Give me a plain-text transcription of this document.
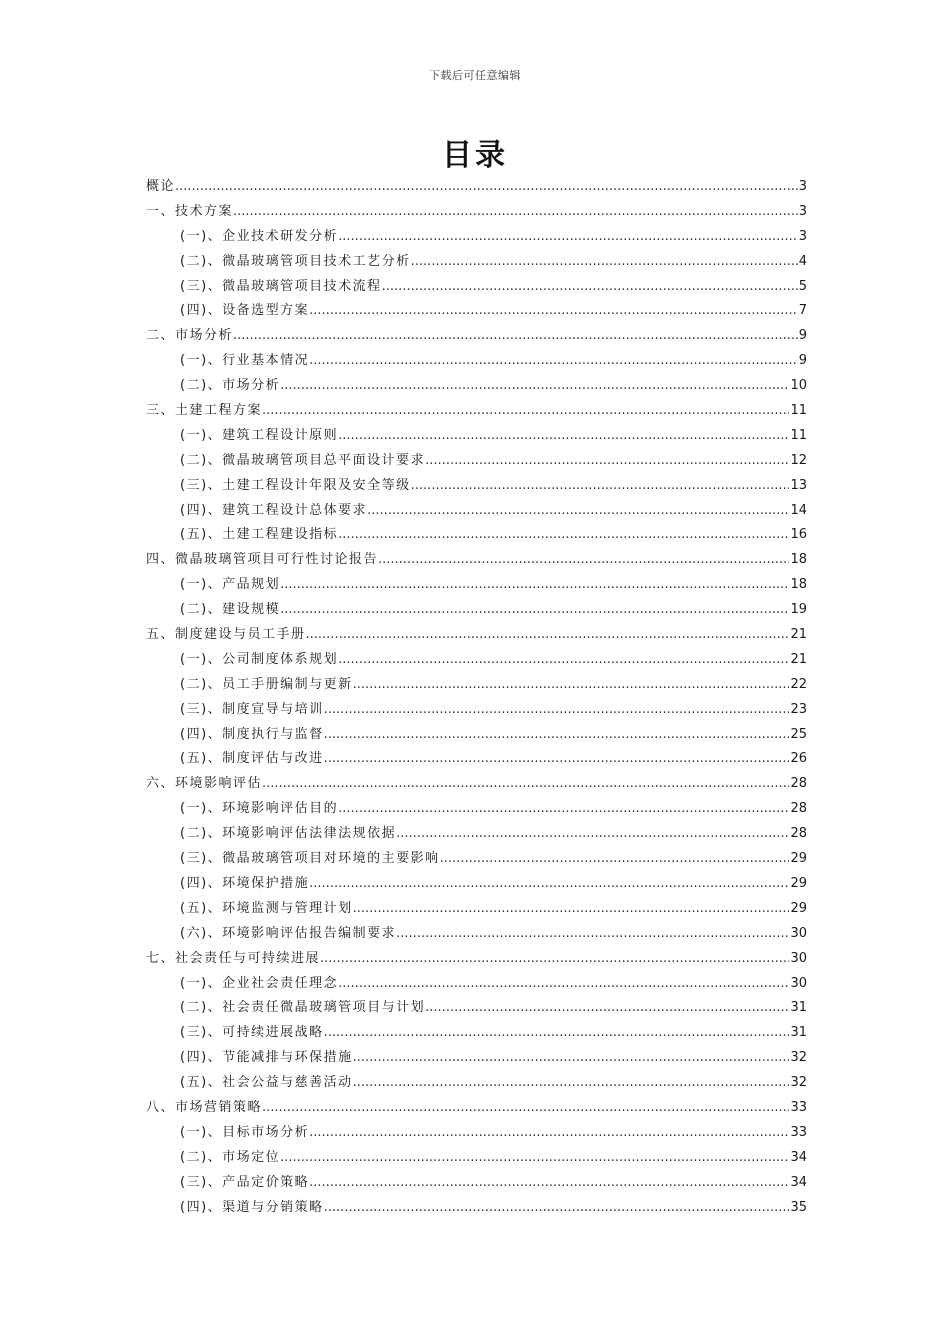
下载后可任意编辑
目录
概论 .....	3
一、技术方案 .....	3
(一)、企业技术研发分析 .....	3
(二)、微晶玻璃管项目技术工艺分析 .....	4
(三)、微晶玻璃管项目技术流程 .....	5
(四)、设备选型方案 .....	7
二、市场分析 .....	9
(一)、行业基本情况 .....	9
(二)、市场分析 .....	10
三、土建工程方案 .....	11
(一)、建筑工程设计原则 .....	11
(二)、微晶玻璃管项目总平面设计要求 .....	12
(三)、土建工程设计年限及安全等级 .....	13
(四)、建筑工程设计总体要求 .....	14
(五)、土建工程建设指标 .....	16
四、微晶玻璃管项目可行性讨论报告 .....	18
(一)、产品规划 .....	18
(二)、建设规模 .....	19
五、制度建设与员工手册 .....	21
(一)、公司制度体系规划 .....	21
(二)、员工手册编制与更新 .....	22
(三)、制度宣导与培训 .....	23
(四)、制度执行与监督 .....	25
(五)、制度评估与改进 .....	26
六、环境影响评估 .....	28
(一)、环境影响评估目的 .....	28
(二)、环境影响评估法律法规依据 .....	28
(三)、微晶玻璃管项目对环境的主要影响 .....	29
(四)、环境保护措施 .....	29
(五)、环境监测与管理计划 .....	29
(六)、环境影响评估报告编制要求 .....	30
七、社会责任与可持续进展 .....	30
(一)、企业社会责任理念 .....	30
(二)、社会责任微晶玻璃管项目与计划 .....	31
(三)、可持续进展战略 .....	31
(四)、节能减排与环保措施 .....	32
(五)、社会公益与慈善活动 .....	32
八、市场营销策略 .....	33
(一)、目标市场分析 .....	33
(二)、市场定位 .....	34
(三)、产品定价策略 .....	34
(四)、渠道与分销策略 .....	35
